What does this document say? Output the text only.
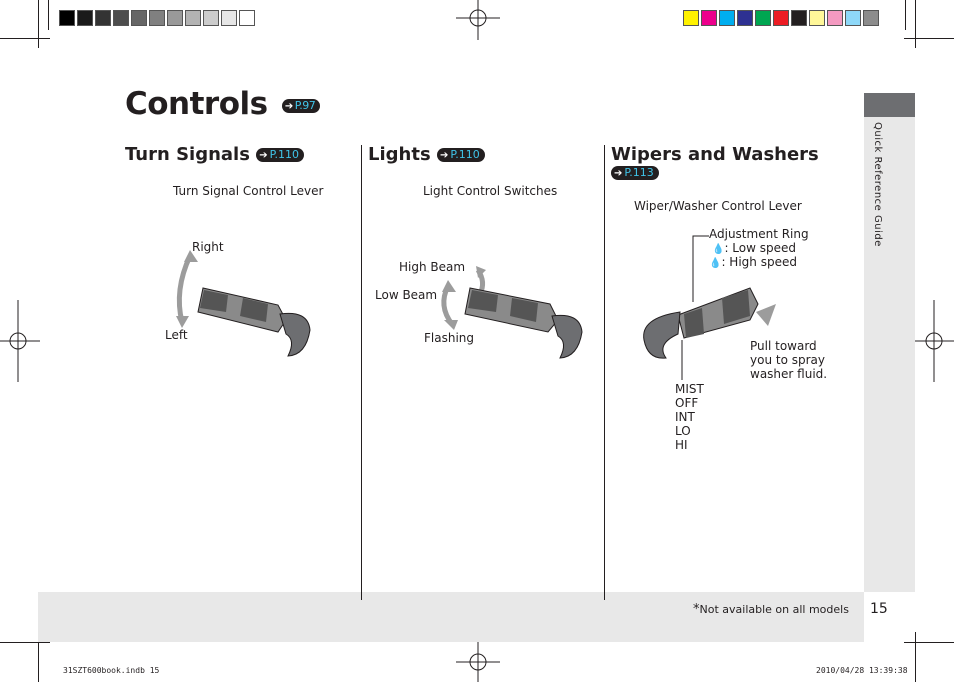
Quick Reference Guide
*Not available on all models 15
Controls ➔ P.97
Turn Signals ➔ P.110
Turn Signal Control Lever
Right
Left
Lights ➔ P.110
Light Control Switches
High Beam
Low Beam
Flashing
Wipers and Washers
➔ P.113
Wiper/Washer Control Lever
Adjustment Ring
💧: Low speed
💧: High speed
Pull toward
you to spray
washer fluid.
MIST
OFF
INT
LO
HI
31SZT600book.indb 15	2010/04/28 13:39:38
